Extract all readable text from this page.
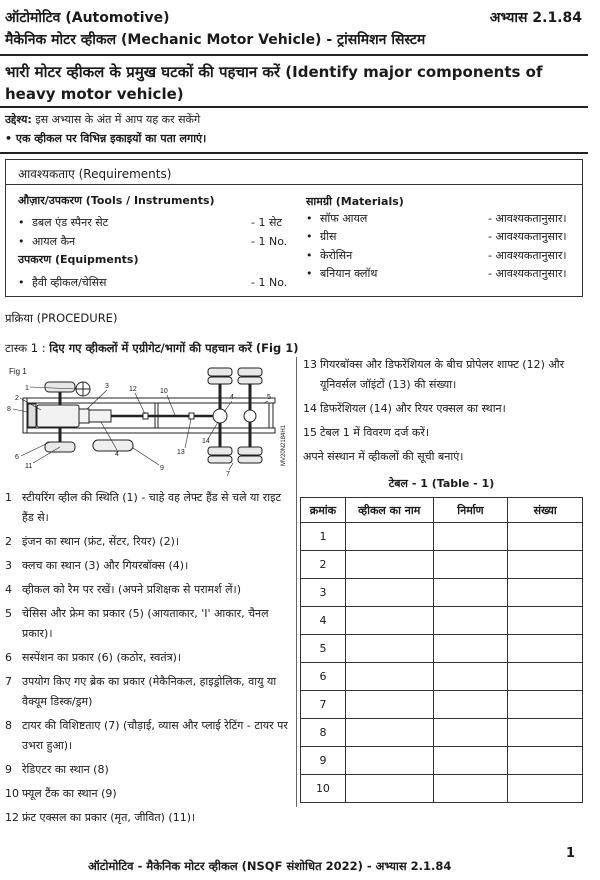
ऑटोमोटिव (Automotive)	अभ्यास 2.1.84
मैकेनिक मोटर व्हीकल (Mechanic Motor Vehicle) - ट्रांसमिशन सिस्टम
भारी मोटर व्हीकल के प्रमुख घटकों की पहचान करें (Identify major components of heavy motor vehicle)
उद्देश्य: इस अभ्यास के अंत में आप यह कर सकेंगे
• एक व्हीकल पर विभिन्न इकाइयों का पता लगाएं।
आवश्यकताए (Requirements)
औज़ार/उपकरण (Tools / Instruments)
•
डबल एंड स्पैनर सेट	- 1 सेट
•
आयल कैन	- 1 No.
उपकरण (Equipments)
•
हैवी व्हीकल/चेसिस	- 1 No.
सामग्री (Materials)
•
सॉफ आयल	- आवश्यकतानुसार।
•
ग्रीस	- आवश्यकतानुसार।
•
केरोसिन	- आवश्यकतानुसार।
•
बनियान क्लॉथ	- आवश्यकतानुसार।
प्रक्रिया (PROCEDURE)
टास्क 1 : दिए गए व्हीकलों में एग्रीगेट/भागों की पहचान करें (Fig 1)
Fig 1
1
2
8
3	12	10
4	5
6
11
4
9
13
14
7
MV20N2184H1
1 स्टीयरिंग व्हील की स्थिति (1) - चाहे वह लेफ्ट हैंड से चले या राइट हैंड से।
2 इंजन का स्थान (फ्रंट, सेंटर, रियर) (2)।
3 क्लच का स्थान (3) और गियरबॉक्स (4)।
4 व्हीकल को रैम पर रखें। (अपने प्रशिक्षक से परामर्श लें।)
5 चेसिस और फ्रेम का प्रकार (5) (आयताकार, 'I' आकार, चैनल प्रकार)।
6 सस्पेंशन का प्रकार (6) (कठोर, स्वतंत्र)।
7 उपयोग किए गए ब्रेक का प्रकार (मेकैनिकल, हाइड्रोलिक, वायु या वैक्यूम डिस्क/ड्रम)
8 टायर की विशिष्टताए (7) (चौड़ाई, व्यास और प्लाई रेटिंग - टायर पर उभरा हुआ)।
9 रेडिएटर का स्थान (8)
10 फ्यूल टैंक का स्थान (9)
12 फ्रंट एक्सल का प्रकार (मृत, जीवित) (11)।
13 गियरबॉक्स और डिफरेंशियल के बीच प्रोपेलर शाफ्ट (12) और यूनिवर्सल जॉइंटों (13) की संख्या।
14 डिफरेंशियल (14) और रियर एक्सल का स्थान।
15 टेबल 1 में विवरण दर्ज करें।
अपने संस्थान में व्हीकलों की सूची बनाएं।
टेबल - 1 (Table - 1)
क्रमांक	व्हीकल का नाम	निर्माण	संख्या
1			
2			
3			
4			
5			
6			
7			
8			
9			
10			
1
ऑटोमोटिव - मैकेनिक मोटर व्हीकल (NSQF संशोधित 2022) - अभ्यास 2.1.84
